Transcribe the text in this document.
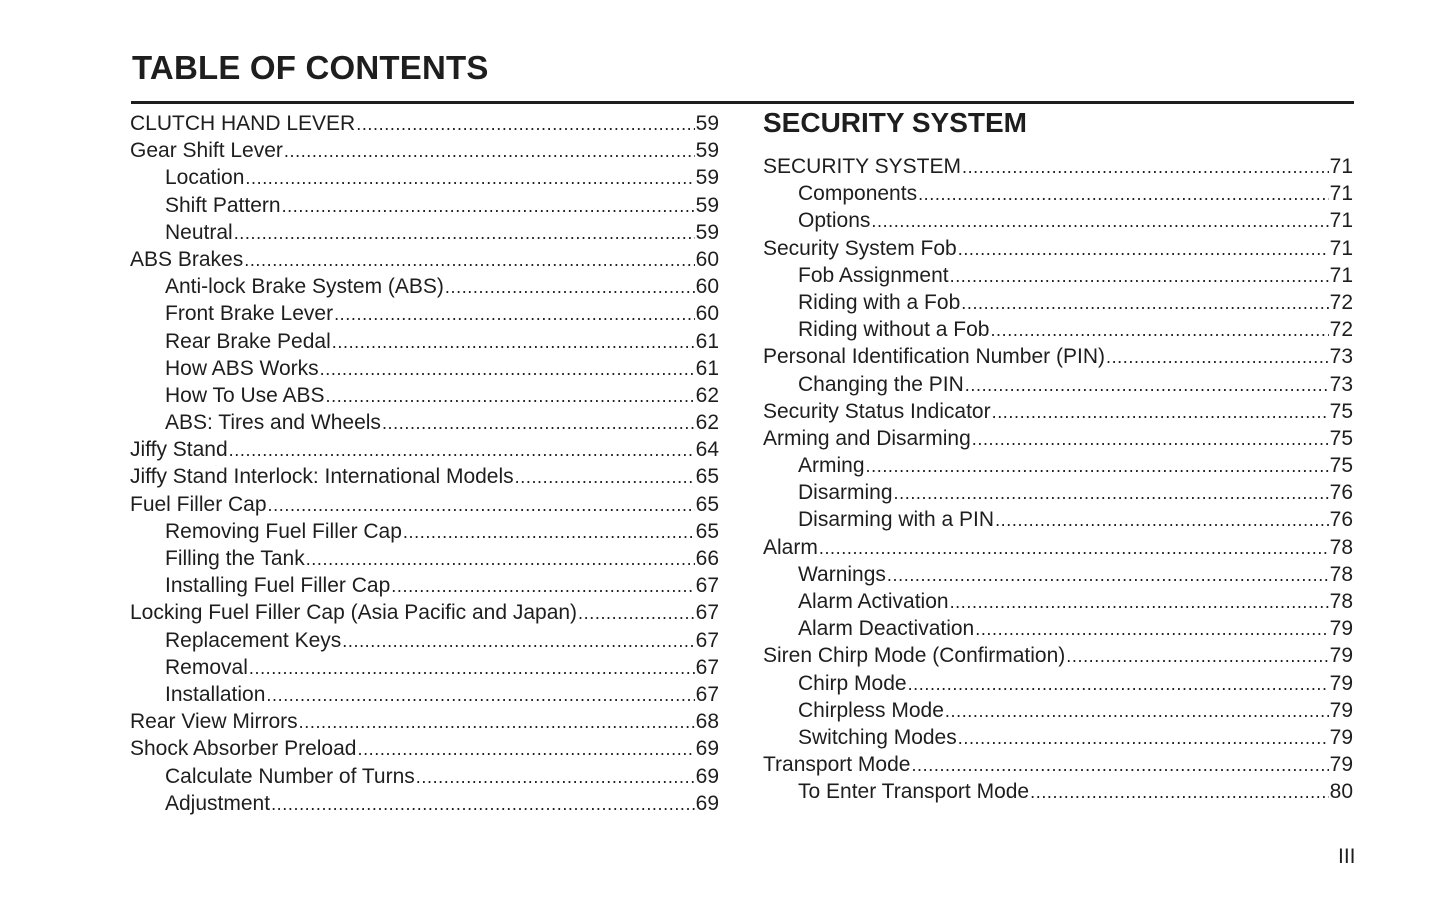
TABLE OF CONTENTS
CLUTCH HAND LEVER .....	59
Gear Shift Lever .....	59
Location .....	59
Shift Pattern .....	59
Neutral .....	59
ABS Brakes .....	60
Anti-lock Brake System (ABS) .....	60
Front Brake Lever .....	60
Rear Brake Pedal .....	61
How ABS Works .....	61
How To Use ABS .....	62
ABS: Tires and Wheels .....	62
Jiffy Stand .....	64
Jiffy Stand Interlock: International Models .....	65
Fuel Filler Cap .....	65
Removing Fuel Filler Cap .....	65
Filling the Tank .....	66
Installing Fuel Filler Cap .....	67
Locking Fuel Filler Cap (Asia Pacific and Japan) .....	67
Replacement Keys .....	67
Removal .....	67
Installation .....	67
Rear View Mirrors .....	68
Shock Absorber Preload .....	69
Calculate Number of Turns .....	69
Adjustment .....	69
SECURITY SYSTEM
SECURITY SYSTEM .....	71
Components .....	71
Options .....	71
Security System Fob .....	71
Fob Assignment .....	71
Riding with a Fob .....	72
Riding without a Fob .....	72
Personal Identification Number (PIN) .....	73
Changing the PIN .....	73
Security Status Indicator .....	75
Arming and Disarming .....	75
Arming .....	75
Disarming .....	76
Disarming with a PIN .....	76
Alarm .....	78
Warnings .....	78
Alarm Activation .....	78
Alarm Deactivation .....	79
Siren Chirp Mode (Confirmation) .....	79
Chirp Mode .....	79
Chirpless Mode .....	79
Switching Modes .....	79
Transport Mode .....	79
To Enter Transport Mode .....	80
III
